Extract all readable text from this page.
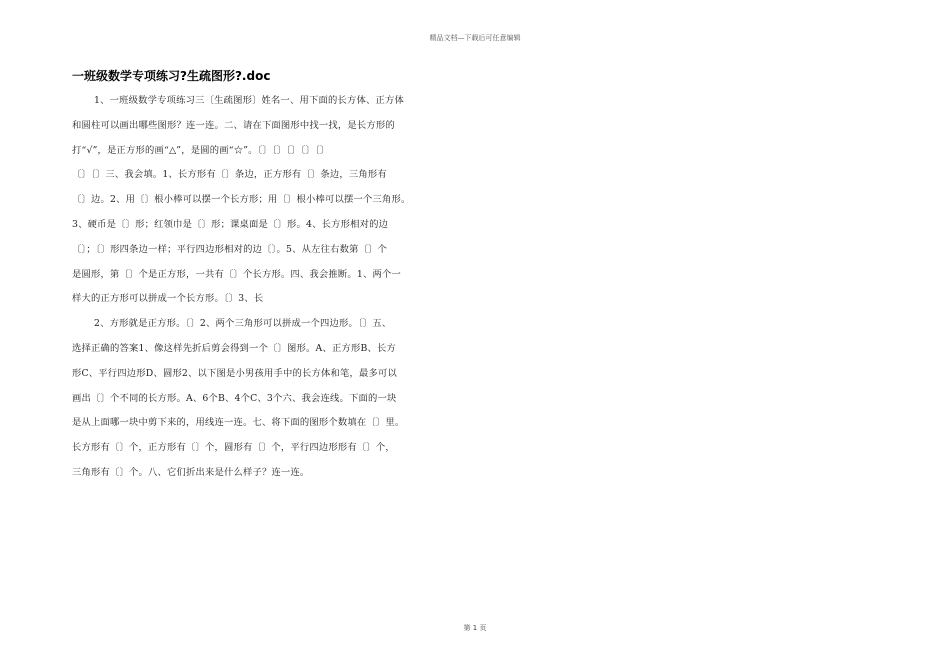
精品文档—下载后可任意编辑
一班级数学专项练习?生疏图形?.doc
1、一班级数学专项练习三〔生疏图形〕姓名一、用下面的长方体、正方体
和圆柱可以画出哪些图形？连一连。二、请在下面图形中找一找，是长方形的
打“√”，是正方形的画“△”，是圆的画“☆”。〔〕〔〕〔〕〔〕〔〕
〔〕〔〕三、我会填。1、长方形有〔〕条边，正方形有〔〕条边，三角形有
〔〕边。2、用〔〕根小棒可以摆一个长方形；用〔〕根小棒可以摆一个三角形。
3、硬币是〔〕形；红领巾是〔〕形；课桌面是〔〕形。4、长方形相对的边
〔〕；〔〕形四条边一样；平行四边形相对的边〔〕。5、从左往右数第〔〕个
是圆形，第〔〕个是正方形，一共有〔〕个长方形。四、我会推断。1、两个一
样大的正方形可以拼成一个长方形。〔〕3、长
2、方形就是正方形。〔〕2、两个三角形可以拼成一个四边形。〔〕五、
选择正确的答案1、像这样先折后剪会得到一个〔〕图形。A、正方形B、长方
形C、平行四边形D、圆形2、以下图是小男孩用手中的长方体和笔，最多可以
画出〔〕个不同的长方形。A、6个B、4个C、3个六、我会连线。下面的一块
是从上面哪一块中剪下来的，用线连一连。七、将下面的图形个数填在〔〕里。
长方形有〔〕个，正方形有〔〕个，圆形有〔〕个，平行四边形形有〔〕个，
三角形有〔〕个。八、它们折出来是什么样子？连一连。
第 1 页
